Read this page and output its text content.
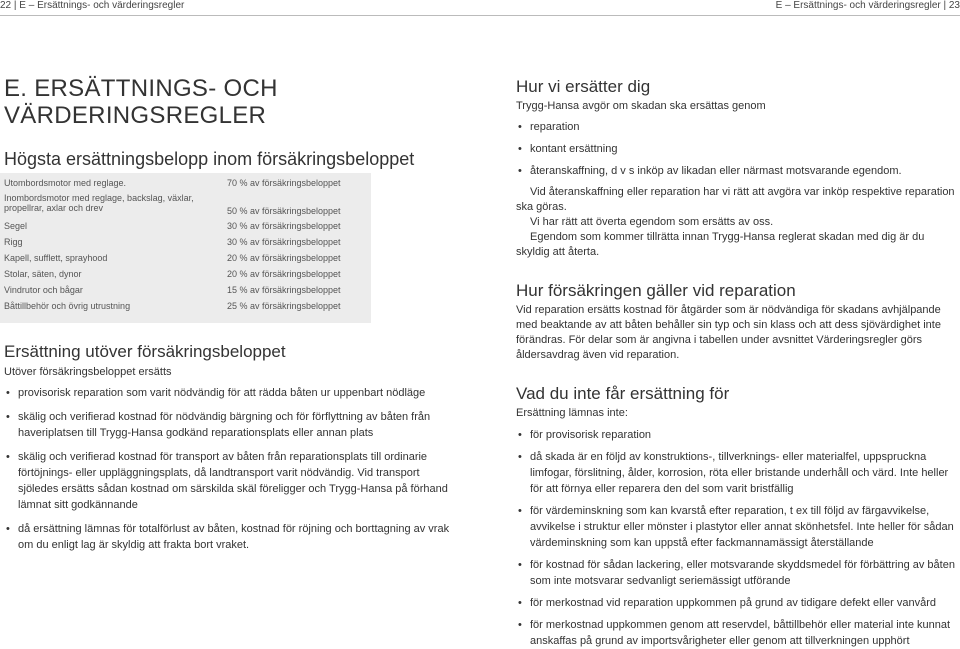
22 | E – Ersättnings- och värderingsregler	E – Ersättnings- och värderingsregler | 23
E. ERSÄTTNINGS- OCH
VÄRDERINGSREGLER
Högsta ersättningsbelopp inom försäkringsbeloppet
Utombordsmotor med reglage.	70 % av försäkringsbeloppet
Inombordsmotor med reglage, backslag, växlar, propellrar, axlar och drev	50 % av försäkringsbeloppet
Segel	30 % av försäkringsbeloppet
Rigg	30 % av försäkringsbeloppet
Kapell, sufflett, sprayhood	20 % av försäkringsbeloppet
Stolar, säten, dynor	20 % av försäkringsbeloppet
Vindrutor och bågar	15 % av försäkringsbeloppet
Båttillbehör och övrig utrustning	25 % av försäkringsbeloppet
Ersättning utöver försäkringsbeloppet
Utöver försäkringsbeloppet ersätts
• provisorisk reparation som varit nödvändig för att rädda båten ur uppenbart nödläge
• skälig och verifierad kostnad för nödvändig bärgning och för förflyttning av båten från haveriplatsen till Trygg-Hansa godkänd reparationsplats eller annan plats
• skälig och verifierad kostnad för transport av båten från reparationsplats till ordinarie förtöjnings- eller uppläggningsplats, då landtransport varit nödvändig. Vid transport sjöledes ersätts sådan kostnad om särskilda skäl föreligger och Trygg-Hansa på förhand lämnat sitt godkännande
• då ersättning lämnas för totalförlust av båten, kostnad för röjning och borttagning av vrak om du enligt lag är skyldig att frakta bort vraket.
Hur vi ersätter dig
Trygg-Hansa avgör om skadan ska ersättas genom
• reparation
• kontant ersättning
• återanskaffning, d v s inköp av likadan eller närmast motsvarande egendom.
Vid återanskaffning eller reparation har vi rätt att avgöra var inköp respektive reparation ska göras.
Vi har rätt att överta egendom som ersätts av oss.
Egendom som kommer tillrätta innan Trygg-Hansa reglerat skadan med dig är du skyldig att återta.
Hur försäkringen gäller vid reparation
Vid reparation ersätts kostnad för åtgärder som är nödvändiga för skadans avhjälpande med beaktande av att båten behåller sin typ och sin klass och att dess sjövärdighet inte förändras. För delar som är angivna i tabellen under avsnittet Värderingsregler görs åldersavdrag även vid reparation.
Vad du inte får ersättning för
Ersättning lämnas inte:
• för provisorisk reparation
• då skada är en följd av konstruktions-, tillverknings- eller materialfel, uppspruckna limfogar, förslitning, ålder, korrosion, röta eller bristande underhåll och värd. Inte heller för att förnya eller reparera den del som varit bristfällig
• för värdeminskning som kan kvarstå efter reparation, t ex till följd av färgavvikelse, avvikelse i struktur eller mönster i plastytor eller annat skönhetsfel. Inte heller för sådan värdeminskning som kan uppstå efter fackmannamässigt återställande
• för kostnad för sådan lackering, eller motsvarande skyddsmedel för förbättring av båten som inte motsvarar sedvanligt seriemässigt utförande
• för merkostnad vid reparation uppkommen på grund av tidigare defekt eller vanvård
• för merkostnad uppkommen genom att reservdel, båttillbehör eller material inte kunnat anskaffas på grund av importsvårigheter eller genom att tillverkningen upphört
